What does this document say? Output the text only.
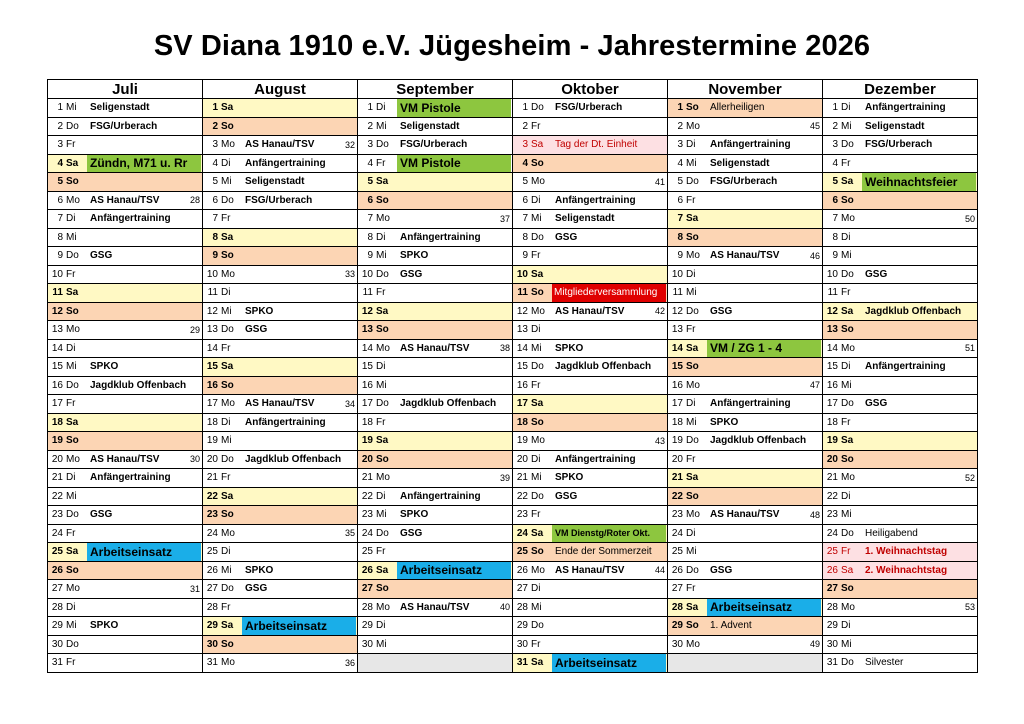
SV Diana 1910 e.V. Jügesheim - Jahrestermine 2026
Juli	August	September	Oktober	November	Dezember
1 Mi	Seligenstadt	1 Sa	1 Di	VM Pistole	1 Do	FSG/Urberach	1 So	Allerheiligen	1 Di	Anfängertraining
2 Do	FSG/Urberach	2 So	2 Mi	Seligenstadt	2 Fr	2 Mo	45	2 Mi	Seligenstadt
3 Fr	3 Mo	AS Hanau/TSV	32	3 Do	FSG/Urberach	3 Sa	Tag der Dt. Einheit	3 Di	Anfängertraining	3 Do	FSG/Urberach
4 Sa Zündn, M71 u. Rr	4 Di	Anfängertraining	4 Fr	VM Pistole	4 So	4 Mi	Seligenstadt	4 Fr
5 So	5 Mi	Seligenstadt	5 Sa	5 Mo	41	5 Do	FSG/Urberach	5 Sa Weihnachtsfeier
6 Mo	AS Hanau/TSV	28	6 Do	FSG/Urberach	6 So	6 Di	Anfängertraining	6 Fr	6 So
7 Di	Anfängertraining	7 Fr	7 Mo	37	7 Mi	Seligenstadt	7 Sa	7 Mo	50
8 Mi	8 Sa	8 Di	Anfängertraining	8 Do	GSG	8 So	8 Di
9 Do	GSG	9 So	9 Mi	SPKO	9 Fr	9 Mo	AS Hanau/TSV	46	9 Mi
10 Fr	10 Mo	33 10 Do	GSG	10 Sa	10 Di	10 Do	GSG
11 Sa	11 Di	11 Fr	11 So	Mitgliederversammlung	11 Mi	11 Fr
12 So	12 Mi	SPKO	12 Sa	12 Mo	AS Hanau/TSV	42 12 Do	GSG	12 Sa	Jagdklub Offenbach
13 Mo	29 13 Do	GSG	13 So	13 Di	13 Fr	13 So
14 Di	14 Fr	14 Mo	AS Hanau/TSV	38 14 Mi	SPKO	14 Sa VM / ZG 1 - 4	14 Mo	51
15 Mi	SPKO	15 Sa	15 Di	15 Do	Jagdklub Offenbach	15 So	15 Di	Anfängertraining
16 Do	Jagdklub Offenbach	16 So	16 Mi	16 Fr	16 Mo	47 16 Mi
17 Fr	17 Mo	AS Hanau/TSV	34 17 Do	Jagdklub Offenbach	17 Sa	17 Di	Anfängertraining	17 Do	GSG
18 Sa	18 Di	Anfängertraining	18 Fr	18 So	18 Mi	SPKO	18 Fr
19 So	19 Mi	19 Sa	19 Mo	43 19 Do	Jagdklub Offenbach	19 Sa
20 Mo	AS Hanau/TSV	30 20 Do	Jagdklub Offenbach	20 So	20 Di	Anfängertraining	20 Fr	20 So
21 Di	Anfängertraining	21 Fr	21 Mo	39 21 Mi	SPKO	21 Sa	21 Mo	52
22 Mi	22 Sa	22 Di	Anfängertraining	22 Do	GSG	22 So	22 Di
23 Do	GSG	23 So	23 Mi	SPKO	23 Fr	23 Mo	AS Hanau/TSV	48 23 Mi
24 Fr	24 Mo	35 24 Do	GSG	24 Sa	VM Dienstg/Roter Okt.	24 Di	24 Do	Heiligabend
25 Sa Arbeitseinsatz	25 Di	25 Fr	25 So	Ende der Sommerzeit	25 Mi	25 Fr	1. Weihnachtstag
26 So	26 Mi	SPKO	26 Sa Arbeitseinsatz	26 Mo	AS Hanau/TSV	44 26 Do	GSG	26 Sa	2. Weihnachtstag
27 Mo	31 27 Do	GSG	27 So	27 Di	27 Fr	27 So
28 Di	28 Fr	28 Mo	AS Hanau/TSV	40 28 Mi	28 Sa Arbeitseinsatz	28 Mo	53
29 Mi	SPKO	29 Sa Arbeitseinsatz	29 Di	29 Do	29 So	1. Advent	29 Di
30 Do	30 So	30 Mi	30 Fr	30 Mo	49 30 Mi
31 Fr	31 Mo	36	31 Sa Arbeitseinsatz	31 Do	Silvester
